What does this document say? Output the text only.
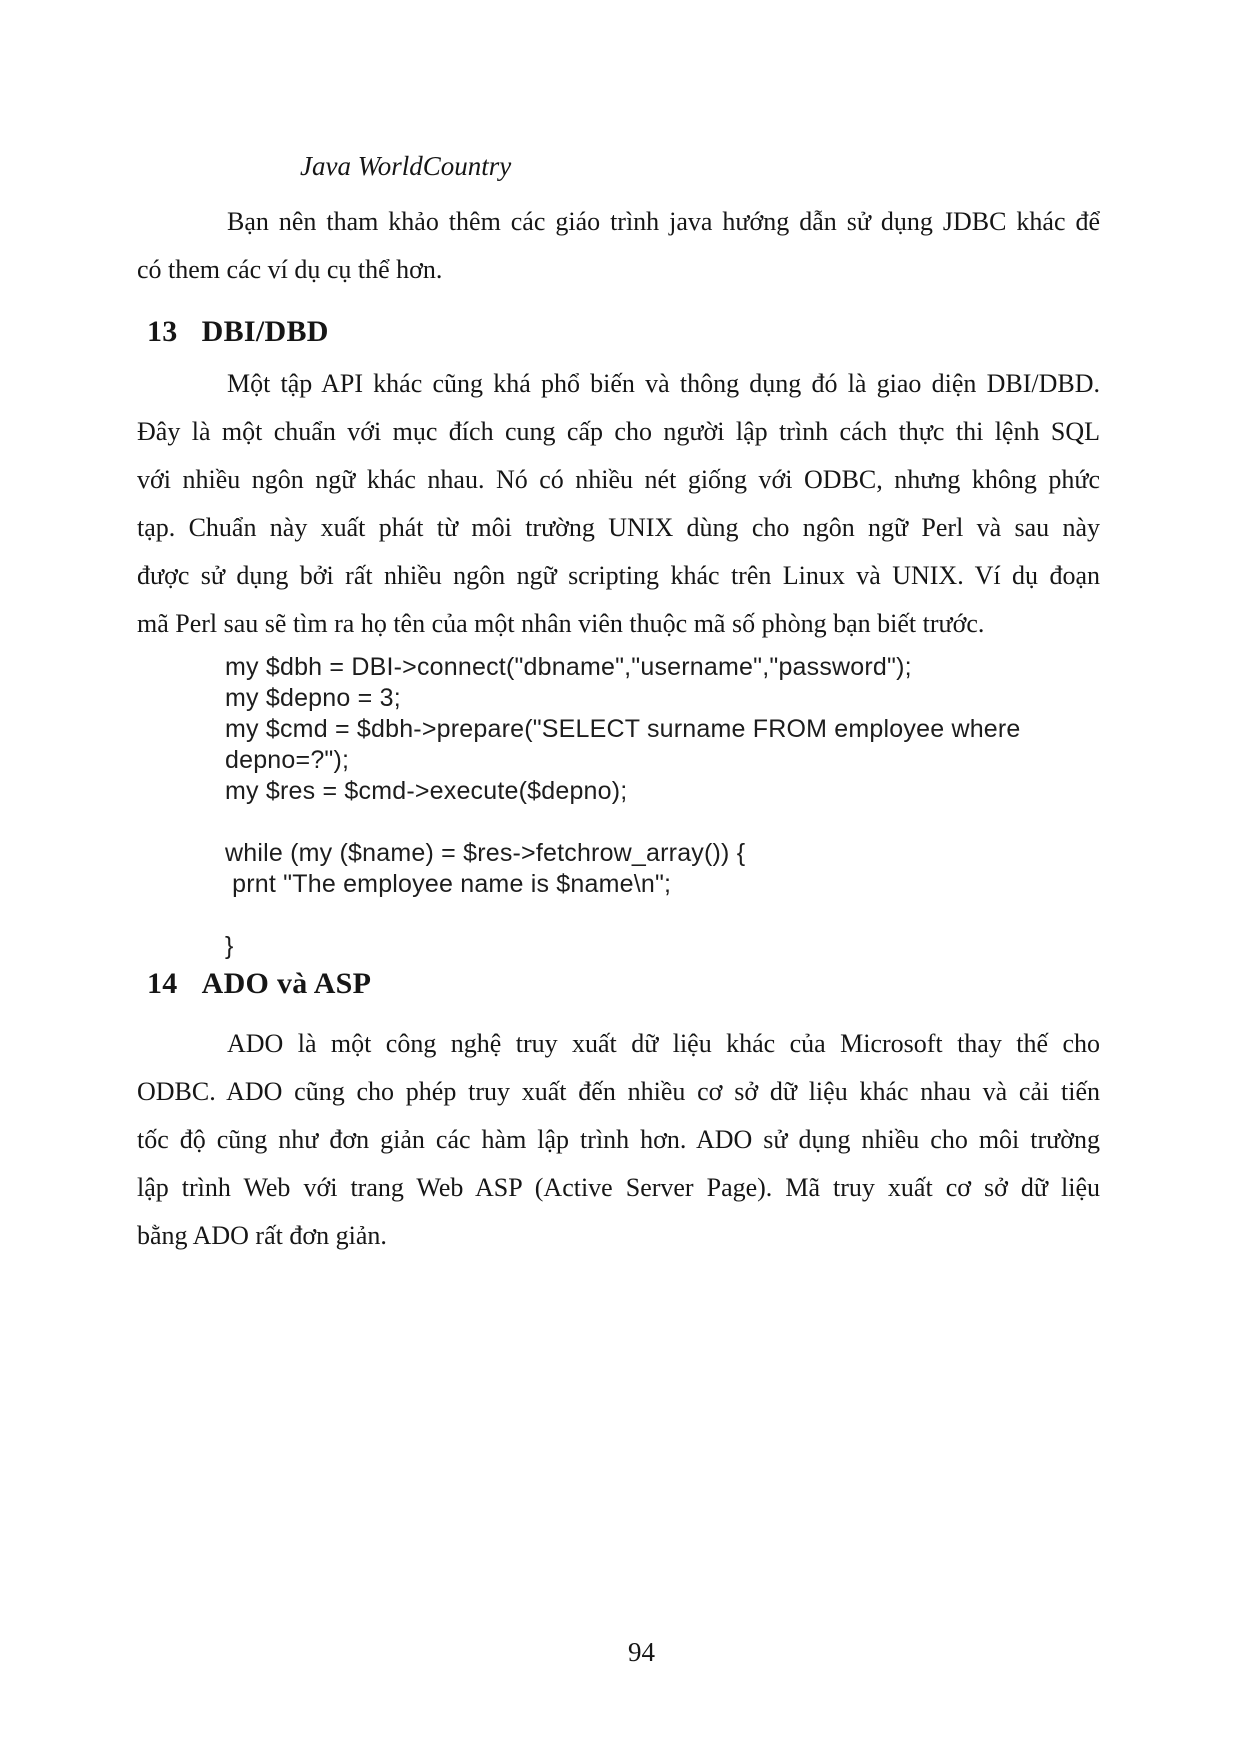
Java WorldCountry
Bạn nên tham khảo thêm các giáo trình java hướng dẫn sử dụng JDBC khác để
có them các ví dụ cụ thể hơn.
13 DBI/DBD
Một tập API khác cũng khá phổ biến và thông dụng đó là giao diện DBI/DBD.
Đây là một chuẩn với mục đích cung cấp cho người lập trình cách thực thi lệnh SQL
với nhiều ngôn ngữ khác nhau. Nó có nhiều nét giống với ODBC, nhưng không phức
tạp. Chuẩn này xuất phát từ môi trường UNIX dùng cho ngôn ngữ Perl và sau này
được sử dụng bởi rất nhiều ngôn ngữ scripting khác trên Linux và UNIX. Ví dụ đoạn
mã Perl sau sẽ tìm ra họ tên của một nhân viên thuộc mã số phòng bạn biết trước.
my $dbh = DBI->connect("dbname","username","password");
my $depno = 3;
my $cmd = $dbh->prepare("SELECT surname FROM employee where
depno=?");
my $res = $cmd->execute($depno);
while (my ($name) = $res->fetchrow_array()) {
prnt "The employee name is $name\n";
}
14 ADO và ASP
ADO là một công nghệ truy xuất dữ liệu khác của Microsoft thay thế cho
ODBC. ADO cũng cho phép truy xuất đến nhiều cơ sở dữ liệu khác nhau và cải tiến
tốc độ cũng như đơn giản các hàm lập trình hơn. ADO sử dụng nhiều cho môi trường
lập trình Web với trang Web ASP (Active Server Page). Mã truy xuất cơ sở dữ liệu
bằng ADO rất đơn giản.
94
